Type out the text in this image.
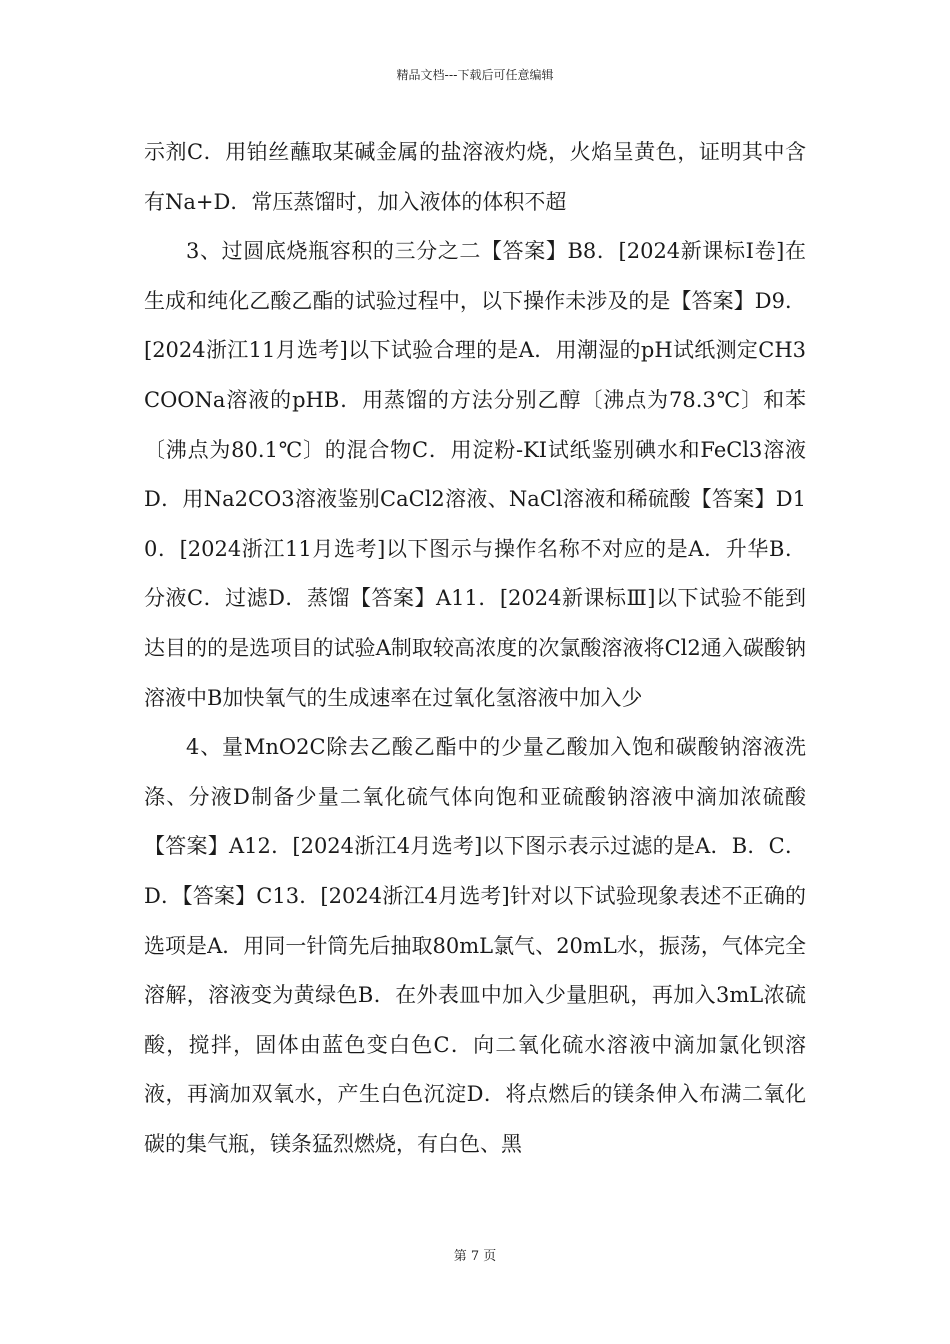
精品文档---下载后可任意编辑

示剂C．用铂丝蘸取某碱金属的盐溶液灼烧，火焰呈黄色，证明其中含有Na+D．常压蒸馏时，加入液体的体积不超

3、过圆底烧瓶容积的三分之二【答案】B8．[2024新课标Ⅰ卷]在生成和纯化乙酸乙酯的试验过程中，以下操作未涉及的是【答案】D9．[2024浙江11月选考]以下试验合理的是A．用潮湿的pH试纸测定CH3COONa溶液的pHB．用蒸馏的方法分别乙醇〔沸点为78.3℃〕和苯〔沸点为80.1℃〕的混合物C．用淀粉-KI试纸鉴别碘水和FeCl3溶液D．用Na2CO3溶液鉴别CaCl2溶液、NaCl溶液和稀硫酸【答案】D10．[2024浙江11月选考]以下图示与操作名称不对应的是A．升华B．分液C．过滤D．蒸馏【答案】A11．[2024新课标Ⅲ]以下试验不能到达目的的是选项目的试验A制取较高浓度的次氯酸溶液将Cl2通入碳酸钠溶液中B加快氧气的生成速率在过氧化氢溶液中加入少

4、量MnO2C除去乙酸乙酯中的少量乙酸加入饱和碳酸钠溶液洗涤、分液D制备少量二氧化硫气体向饱和亚硫酸钠溶液中滴加浓硫酸【答案】A12．[2024浙江4月选考]以下图示表示过滤的是A．B．C．D．【答案】C13．[2024浙江4月选考]针对以下试验现象表述不正确的选项是A．用同一针筒先后抽取80mL氯气、20mL水，振荡，气体完全溶解，溶液变为黄绿色B．在外表皿中加入少量胆矾，再加入3mL浓硫酸，搅拌，固体由蓝色变白色C．向二氧化硫水溶液中滴加氯化钡溶液，再滴加双氧水，产生白色沉淀D．将点燃后的镁条伸入布满二氧化碳的集气瓶，镁条猛烈燃烧，有白色、黑

第 7 页
